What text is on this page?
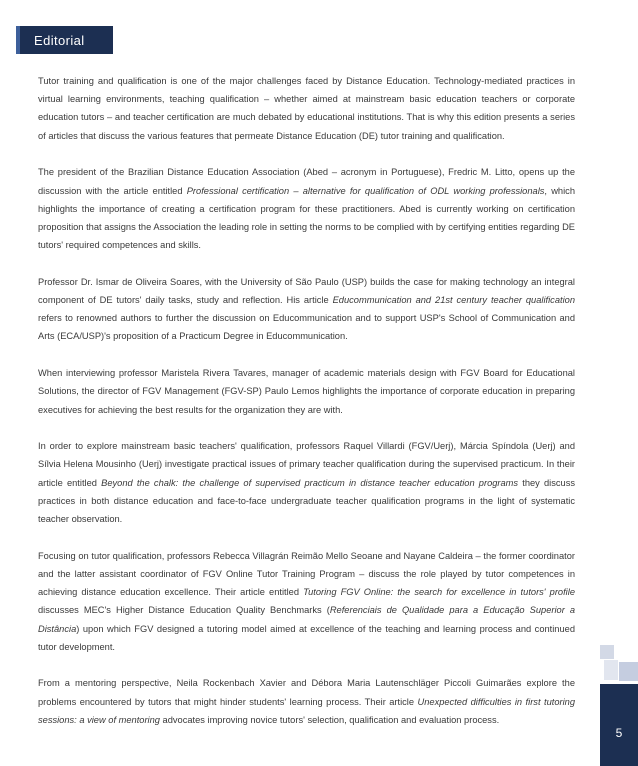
Editorial

Tutor training and qualification is one of the major challenges faced by Distance Education. Technology-mediated practices in virtual learning environments, teaching qualification – whether aimed at mainstream basic education teachers or corporate education tutors – and teacher certification are much debated by educational institutions. That is why this edition presents a series of articles that discuss the various features that permeate Distance Education (DE) tutor training and qualification.

The president of the Brazilian Distance Education Association (Abed – acronym in Portuguese), Fredric M. Litto, opens up the discussion with the article entitled Professional certification – alternative for qualification of ODL working professionals, which highlights the importance of creating a certification program for these practitioners. Abed is currently working on certification proposition that assigns the Association the leading role in setting the norms to be complied with by certifying entities regarding DE tutors' required competences and skills.

Professor Dr. Ismar de Oliveira Soares, with the University of São Paulo (USP) builds the case for making technology an integral component of DE tutors' daily tasks, study and reflection. His article Educommunication and 21st century teacher qualification refers to renowned authors to further the discussion on Educommunication and to support USP's School of Communication and Arts (ECA/USP)'s proposition of a Practicum Degree in Educommunication.

When interviewing professor Maristela Rivera Tavares, manager of academic materials design with FGV Board for Educational Solutions, the director of FGV Management (FGV-SP) Paulo Lemos highlights the importance of corporate education in preparing executives for achieving the best results for the organization they are with.

In order to explore mainstream basic teachers' qualification, professors Raquel Villardi (FGV/Uerj), Márcia Spíndola (Uerj) and Sílvia Helena Mousinho (Uerj) investigate practical issues of primary teacher qualification during the supervised practicum. In their article entitled Beyond the chalk: the challenge of supervised practicum in distance teacher education programs they discuss practices in both distance education and face-to-face undergraduate teacher qualification programs in the light of systematic teacher observation.

Focusing on tutor qualification, professors Rebecca Villagrán Reimão Mello Seoane and Nayane Caldeira – the former coordinator and the latter assistant coordinator of FGV Online Tutor Training Program – discuss the role played by tutor competences in achieving distance education excellence. Their article entitled Tutoring FGV Online: the search for excellence in tutors' profile discusses MEC's Higher Distance Education Quality Benchmarks (Referenciais de Qualidade para a Educação Superior a Distância) upon which FGV designed a tutoring model aimed at excellence of the teaching and learning process and continued tutor development.

From a mentoring perspective, Neila Rockenbach Xavier and Débora Maria Lautenschläger Piccoli Guimarães explore the problems encountered by tutors that might hinder students' learning process. Their article Unexpected difficulties in first tutoring sessions: a view of mentoring advocates improving novice tutors' selection, qualification and evaluation process.

5
